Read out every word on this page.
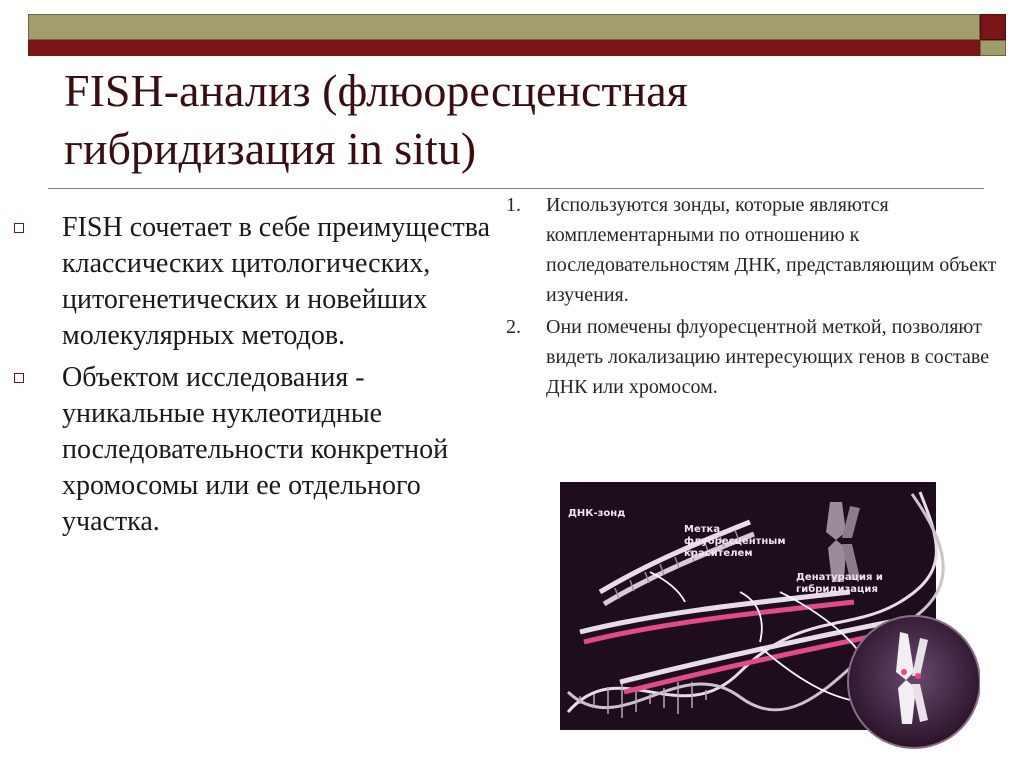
FISH-анализ (флюоресценстная
гибридизация in situ)
FISH сочетает в себе преимущества классических цитологических, цитогенетических и новейших молекулярных методов.
Объектом исследования - уникальные нуклеотидные последовательности конкретной хромосомы или ее отдельного участка.
1. Используются зонды, которые являются комплементарными по отношению к последовательностям ДНК, представляющим объект изучения.
2. Они помечены флуоресцентной меткой, позволяют видеть локализацию интересующих генов в составе ДНК или хромосом.
ДНК-зонд
Метка
флуоресцентным
красителем
Денатурация и
гибридизация
